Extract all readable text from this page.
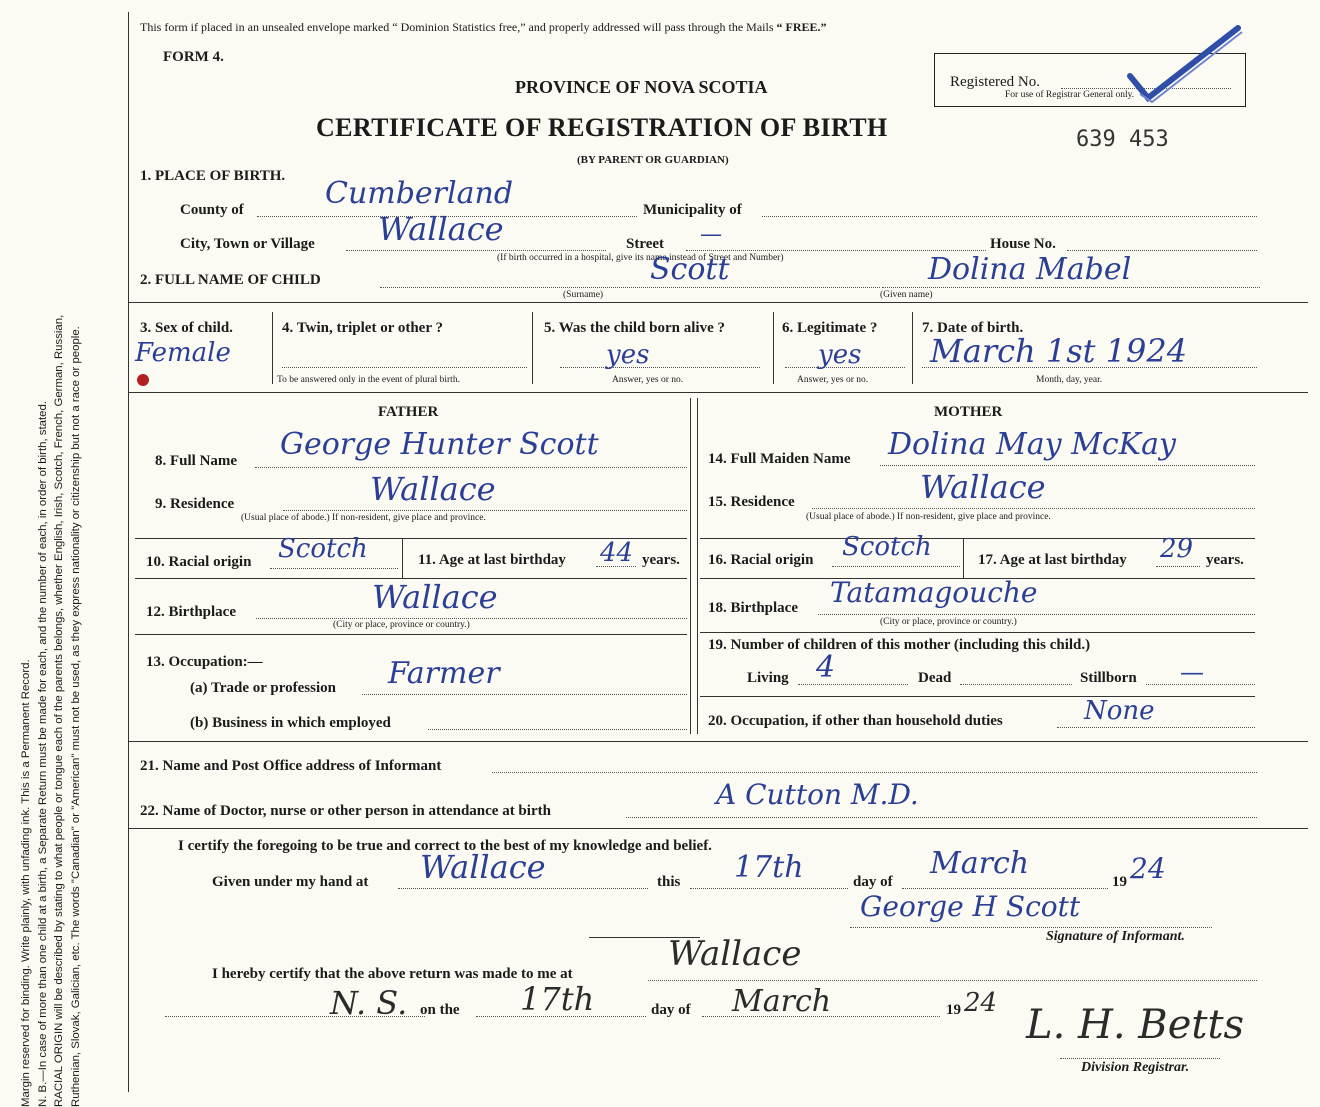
Margin reserved for binding. Write plainly, with unfading ink. This is a Permanent Record. N. B.—In case of more than one child at a birth, a Separate Return must be made for each, and the number of each, in order of birth, stated. RACIAL ORIGIN will be described by stating to what people or tongue each of the parents belongs, whether English, Irish, Scotch, French, German, Russian, Ruthenian, Slovak, Galician, etc. The words "Canadian" or "American" must not be used, as they express nationality or citizenship but not a race or people.
This form if placed in an unsealed envelope marked “ Dominion Statistics free,” and properly addressed will pass through the Mails “ FREE.”
FORM 4.
PROVINCE OF NOVA SCOTIA
CERTIFICATE OF REGISTRATION OF BIRTH
(BY PARENT OR GUARDIAN)
639 453
Registered No.
For use of Registrar General only.
1. PLACE OF BIRTH.
County of	Cumberland	Municipality of
City, Town or Village Wallace	Street —	House No.
(If birth occurred in a hospital, give its name instead of Street and Number)
2. FULL NAME OF CHILD	Scott
(Surname)
Dolina Mabel
(Given name)
3. Sex of child.
Female
4. Twin, triplet or other ?
To be answered only in the event of plural birth.
5. Was the child born alive ?
yes
Answer, yes or no.
6. Legitimate ?
yes
Answer, yes or no.
7. Date of birth.
March 1st 1924
Month, day, year.
FATHER	MOTHER
8. Full Name George Hunter Scott
9. Residence	Wallace
(Usual place of abode.) If non-resident, give place and province.
10. Racial origin Scotch	11. Age at last birthday 44 years.
12. Birthplace	Wallace
(City or place, province or country.)
13. Occupation:—
(a) Trade or profession Farmer
(b) Business in which employed
14. Full Maiden Name Dolina May McKay
15. Residence	Wallace
(Usual place of abode.) If non-resident, give place and province.
16. Racial origin Scotch	17. Age at last birthday 29 years.
18. Birthplace Tatamagouche
(City or place, province or country.)
19. Number of children of this mother (including this child.)
Living 4	Dead	Stillborn —
20. Occupation, if other than household duties	None
21. Name and Post Office address of Informant
22. Name of Doctor, nurse or other person in attendance at birth	A Cutton M.D.
I certify the foregoing to be true and correct to the best of my knowledge and belief.
Given under my hand at Wallace	this 17th	day of
March
19 24
George H Scott
Signature of Informant.
I hereby certify that the above return was made to me at	Wallace
N. S. on the 17th	day of March	19 24 L. H. Betts
Division Registrar.
